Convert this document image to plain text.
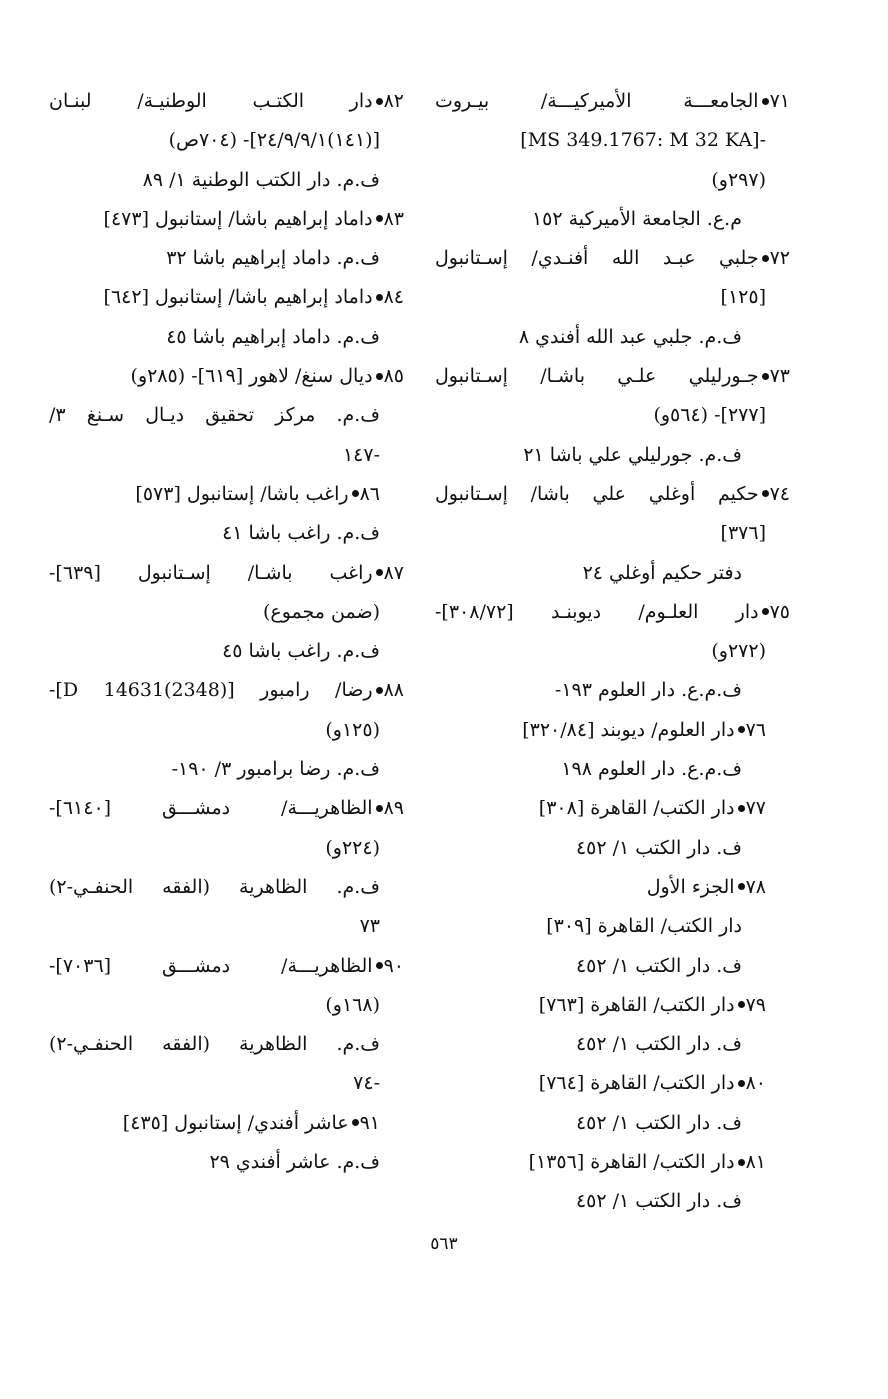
٧١الجامعـــة الأميركيـــة/ بيـروت
-[MS 349.1767: M 32 KA]
(٢٩٧و)
م.ع. الجامعة الأميركية ١٥٢
٧٢جلبي عبـد الله أفنـدي/ إسـتانبول
[١٢٥]
ف.م. جلبي عبد الله أفندي ٨
٧٣جـورليلي علـي باشـا/ إسـتانبول
[٢٧٧]- (٥٦٤و)
ف.م. جورليلي علي باشا ٢١
٧٤حكيم أوغلي علي باشا/ إسـتانبول
[٣٧٦]
دفتر حكيم أوغلي ٢٤
٧٥دار العلـوم/ ديوبنـد [٣٠٨/٧٢]-
(٢٧٢و)
ف.م.ع. دار العلوم ١٩٣-
٧٦دار العلوم/ ديوبند [٣٢٠/٨٤]
ف.م.ع. دار العلوم ١٩٨
٧٧دار الكتب/ القاهرة [٣٠٨]
ف. دار الكتب ١/ ٤٥٢
٧٨الجزء الأول
دار الكتب/ القاهرة [٣٠٩]
ف. دار الكتب ١/ ٤٥٢
٧٩دار الكتب/ القاهرة [٧٦٣]
ف. دار الكتب ١/ ٤٥٢
٨٠دار الكتب/ القاهرة [٧٦٤]
ف. دار الكتب ١/ ٤٥٢
٨١دار الكتب/ القاهرة [١٣٥٦]
ف. دار الكتب ١/ ٤٥٢
٨٢دار الكتـب الوطنيـة/ لبنـان
[(١٤١)٢٤/٩/٩/١]- (٧٠٤ص)
ف.م. دار الكتب الوطنية ١/ ٨٩
٨٣داماد إبراهيم باشا/ إستانبول [٤٧٣]
ف.م. داماد إبراهيم باشا ٣٢
٨٤داماد إبراهيم باشا/ إستانبول [٦٤٢]
ف.م. داماد إبراهيم باشا ٤٥
٨٥ديال سنغ/ لاهور [٦١٩]- (٢٨٥و)
ف.م. مركز تحقيق ديـال سـنغ ٣/
-١٤٧
٨٦راغب باشا/ إستانبول [٥٧٣]
ف.م. راغب باشا ٤١
٨٧راغب باشـا/ إسـتانبول [٦٣٩]-
(ضمن مجموع)
ف.م. راغب باشا ٤٥
٨٨رضا/ رامبور [D 14631(2348)]-
(١٢٥و)
ف.م. رضا برامبور ٣/ ١٩٠-
٨٩الظاهريـــة/ دمشـــق [٦١٤٠]-
(٢٢٤و)
ف.م. الظاهرية (الفقه الحنفـي-٢)
٧٣
٩٠الظاهريـــة/ دمشـــق [٧٠٣٦]-
(١٦٨و)
ف.م. الظاهرية (الفقه الحنفـي-٢)
-٧٤
٩١عاشر أفندي/ إستانبول [٤٣٥]
ف.م. عاشر أفندي ٢٩
٥٦٣
